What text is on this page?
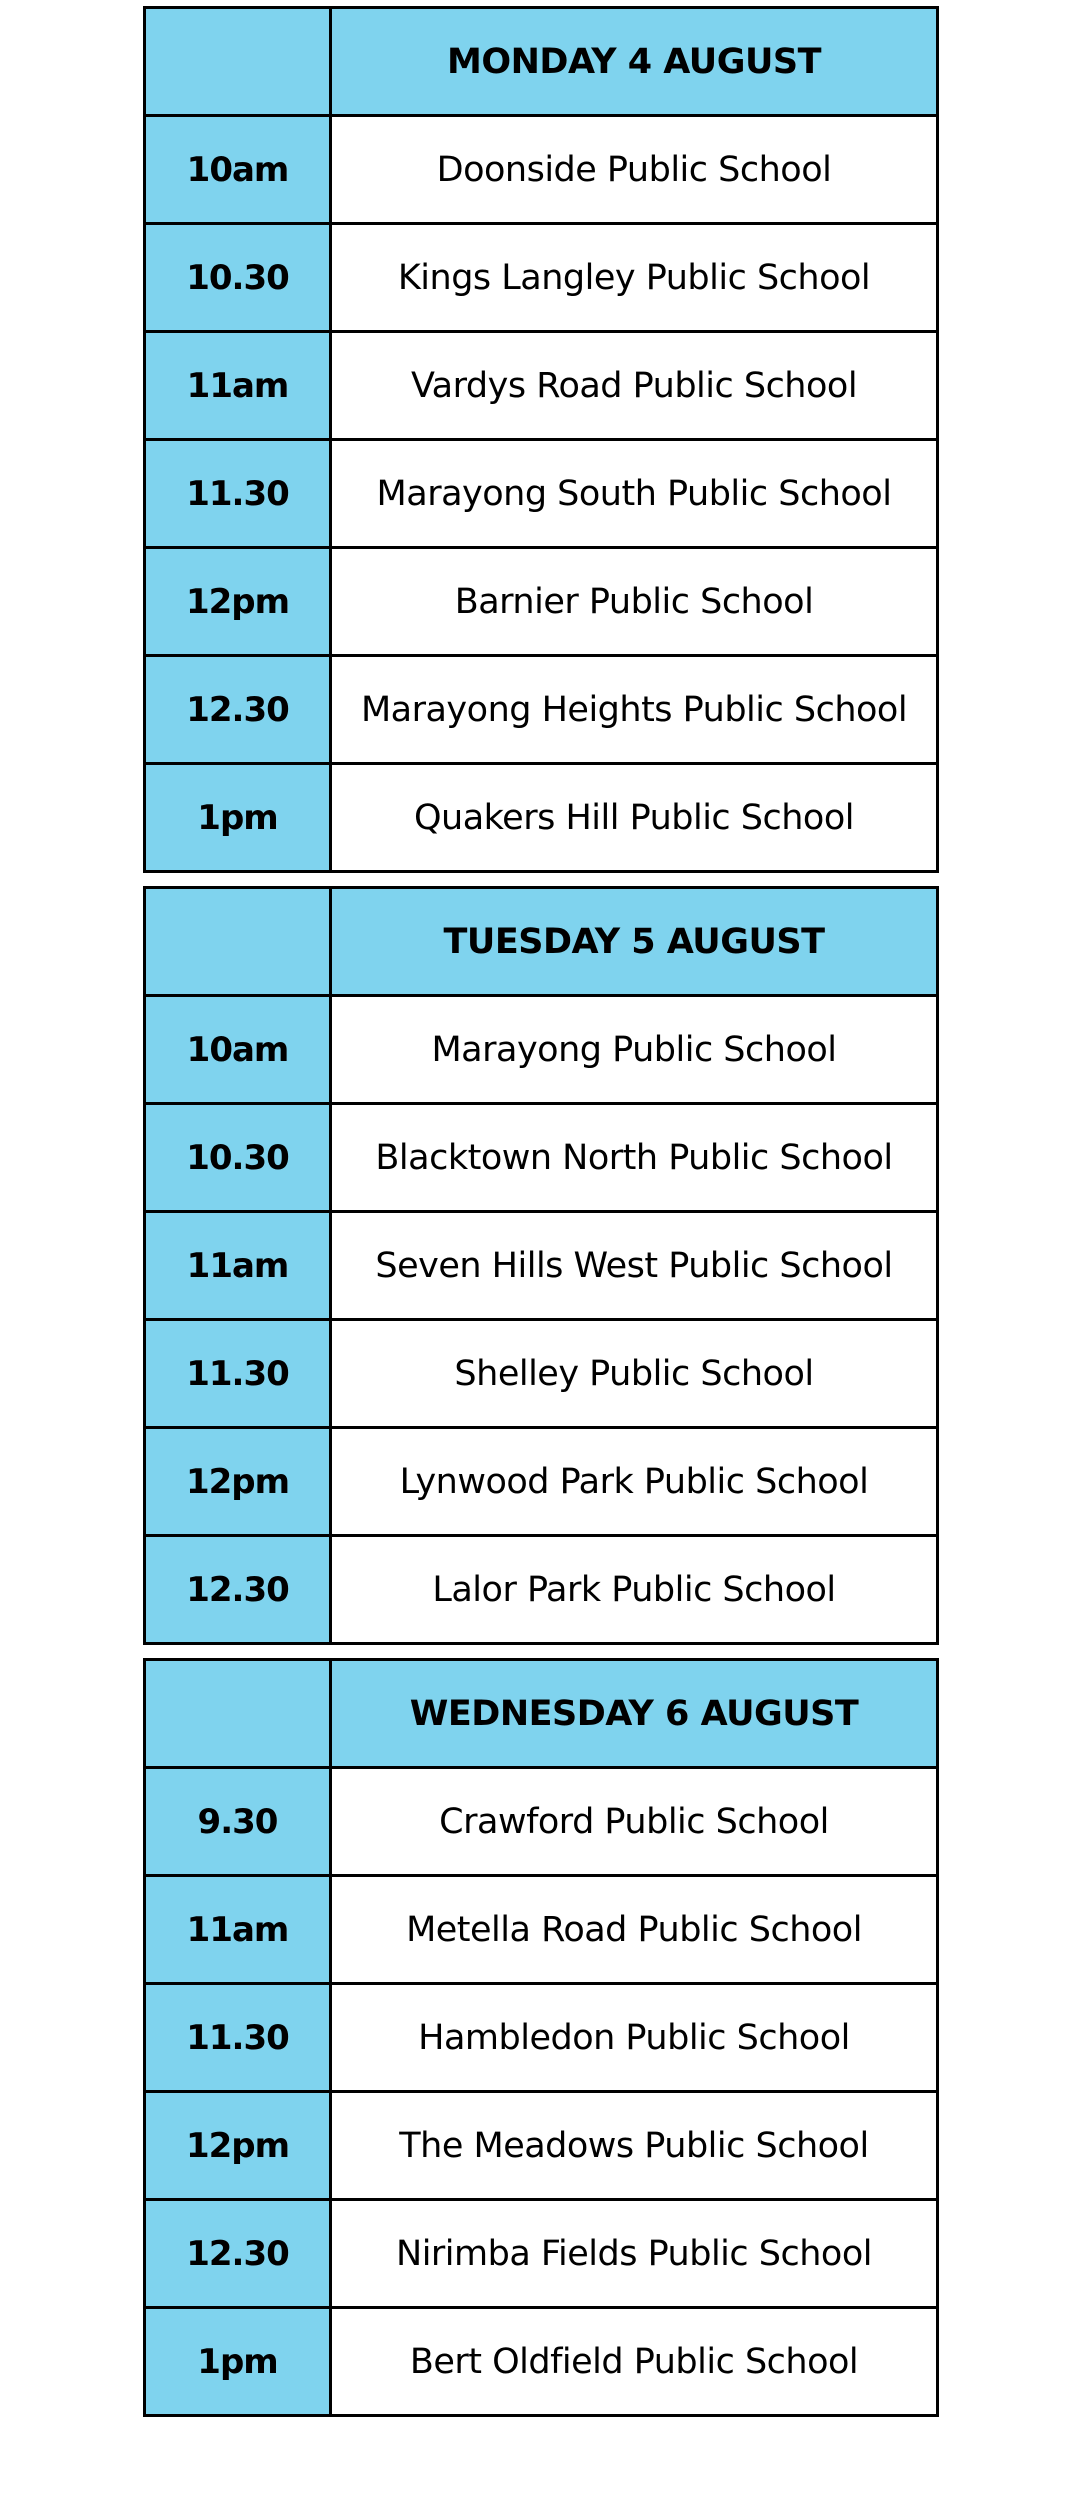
	MONDAY 4 AUGUST
10am	Doonside Public School
10.30	Kings Langley Public School
11am	Vardys Road Public School
11.30	Marayong South Public School
12pm	Barnier Public School
12.30	Marayong Heights Public School
1pm	Quakers Hill Public School
	TUESDAY 5 AUGUST
10am	Marayong Public School
10.30	Blacktown North Public School
11am	Seven Hills West Public School
11.30	Shelley Public School
12pm	Lynwood Park Public School
12.30	Lalor Park Public School
	WEDNESDAY 6 AUGUST
9.30	Crawford Public School
11am	Metella Road Public School
11.30	Hambledon Public School
12pm	The Meadows Public School
12.30	Nirimba Fields Public School
1pm	Bert Oldfield Public School
